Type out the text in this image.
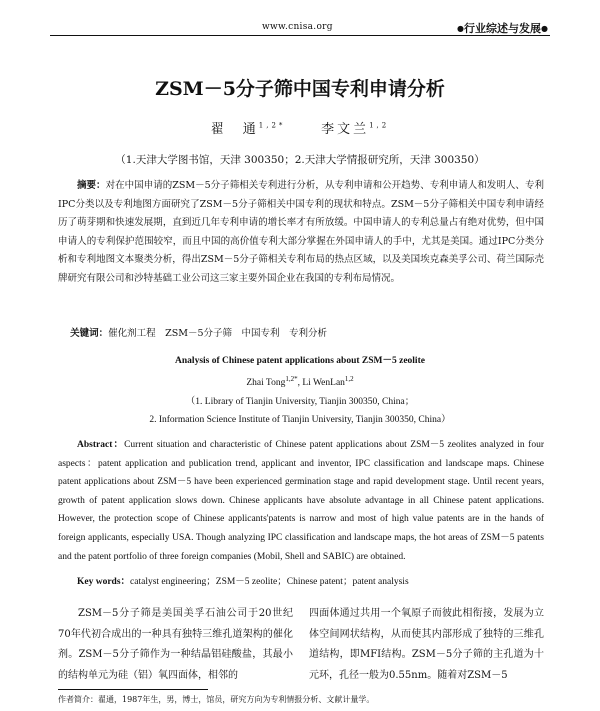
www.cnisa.org	●行业综述与发展●
ZSM－5分子筛中国专利申请分析
翟　通$^{1,2*}$	李文兰$^{1,2}$
（1.天津大学图书馆，天津 300350；2.天津大学情报研究所，天津 300350）
摘要：对在中国申请的ZSM－5分子筛相关专利进行分析，从专利申请和公开趋势、专利申请人和发明人、专利IPC分类以及专利地图方面研究了ZSM－5分子筛相关中国专利的现状和特点。ZSM－5分子筛相关中国专利申请经历了萌芽期和快速发展期，直到近几年专利申请的增长率才有所放缓。中国申请人的专利总量占有绝对优势，但中国申请人的专利保护范围较窄，而且中国的高价值专利大部分掌握在外国申请人的手中，尤其是美国。通过IPC分类分析和专利地图文本聚类分析，得出ZSM－5分子筛相关专利布局的热点区域，以及美国埃克森美孚公司、荷兰国际壳牌研究有限公司和沙特基础工业公司这三家主要外国企业在我国的专利布局情况。
关键词：催化剂工程　ZSM－5分子筛　中国专利　专利分析
Analysis of Chinese patent applications about ZSM－5 zeolite
Zhai Tong$^{1,2*}$, Li WenLan$^{1,2}$
（1. Library of Tianjin University, Tianjin 300350, China；
2. Information Science Institute of Tianjin University, Tianjin 300350, China）
Abstract：Current situation and characteristic of Chinese patent applications about ZSM－5 zeolites analyzed in four aspects：patent application and publication trend, applicant and inventor, IPC classification and landscape maps. Chinese patent applications about ZSM－5 have been experienced germination stage and rapid development stage. Until recent years, growth of patent application slows down. Chinese applicants have absolute advantage in all Chinese patent applications. However, the protection scope of Chinese applicants'patents is narrow and most of high value patents are in the hands of foreign applicants, especially USA. Though analyzing IPC classification and landscape maps, the hot areas of ZSM－5 patents and the patent portfolio of three foreign companies (Mobil, Shell and SABIC) are obtained.
Key words：catalyst engineering；ZSM－5 zeolite；Chinese patent；patent analysis
ZSM－5分子筛是美国美孚石油公司于20世纪70年代初合成出的一种具有独特三维孔道架构的催化剂。ZSM－5分子筛作为一种结晶铝硅酸盐，其最小的结构单元为硅（铝）氧四面体，相邻的
四面体通过共用一个氧原子而彼此相衔接，发展为立体空间网状结构，从而使其内部形成了独特的三维孔道结构，即MFI结构。ZSM－5分子筛的主孔道为十元环，孔径一般为0.55nm。随着对ZSM－5
作者简介：翟通，1987年生，男，博士，馆员，研究方向为专利情报分析、文献计量学。
